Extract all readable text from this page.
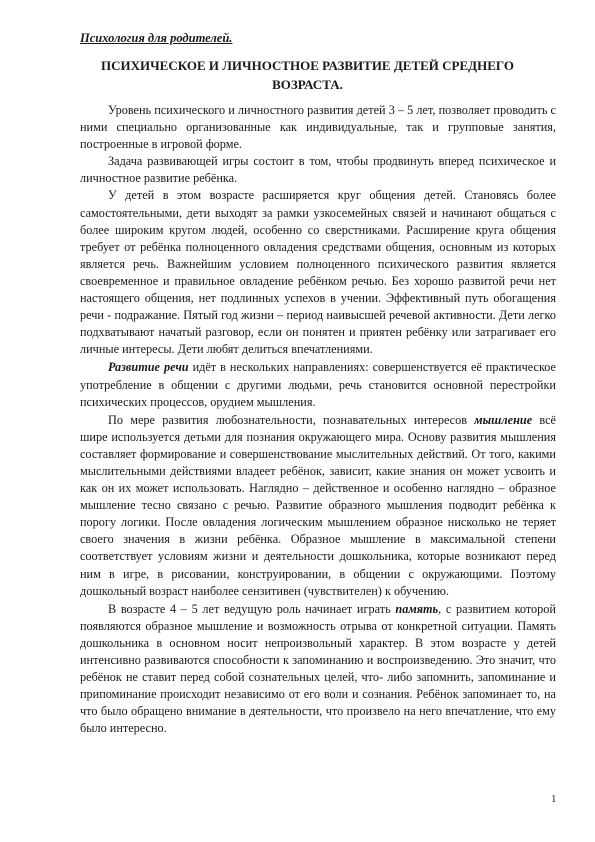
Психология для родителей.
ПСИХИЧЕСКОЕ И ЛИЧНОСТНОЕ РАЗВИТИЕ ДЕТЕЙ СРЕДНЕГО ВОЗРАСТА.

Уровень психического и личностного развития детей 3 – 5 лет, позволяет проводить с ними специально организованные как индивидуальные, так и групповые занятия, построенные в игровой форме.

Задача развивающей игры состоит в том, чтобы продвинуть вперед психическое и личностное развитие ребёнка.

У детей в этом возрасте расширяется круг общения детей. Становясь более самостоятельными, дети выходят за рамки узкосемейных связей и начинают общаться с более широким кругом людей, особенно со сверстниками. Расширение круга общения требует от ребёнка полноценного овладения средствами общения, основным из которых является речь. Важнейшим условием полноценного психического развития является своевременное и правильное овладение ребёнком речью. Без хорошо развитой речи нет настоящего общения, нет подлинных успехов в учении. Эффективный путь обогащения речи - подражание. Пятый год жизни – период наивысшей речевой активности. Дети легко подхватывают начатый разговор, если он понятен и приятен ребёнку или затрагивает его личные интересы. Дети любят делиться впечатлениями.

Развитие речи идёт в нескольких направлениях: совершенствуется её практическое употребление в общении с другими людьми, речь становится основной перестройки психических процессов, орудием мышления.

По мере развития любознательности, познавательных интересов мышление всё шире используется детьми для познания окружающего мира. Основу развития мышления составляет формирование и совершенствование мыслительных действий. От того, какими мыслительными действиями владеет ребёнок, зависит, какие знания он может усвоить и как он их может использовать. Наглядно – действенное и особенно наглядно – образное мышление тесно связано с речью. Развитие образного мышления подводит ребёнка к порогу логики. После овладения логическим мышлением образное нисколько не теряет своего значения в жизни ребёнка. Образное мышление в максимальной степени соответствует условиям жизни и деятельности дошкольника, которые возникают перед ним в игре, в рисовании, конструировании, в общении с окружающими. Поэтому дошкольный возраст наиболее сензитивен (чувствителен) к обучению.

В возрасте 4 – 5 лет ведущую роль начинает играть память, с развитием которой появляются образное мышление и возможность отрыва от конкретной ситуации. Память дошкольника в основном носит непроизвольный характер. В этом возрасте у детей интенсивно развиваются способности к запоминанию и воспроизведению. Это значит, что ребёнок не ставит перед собой сознательных целей, что- либо запомнить, запоминание и припоминание происходит независимо от его воли и сознания. Ребёнок запоминает то, на что было обращено внимание в деятельности, что произвело на него впечатление, что ему было интересно.

1
